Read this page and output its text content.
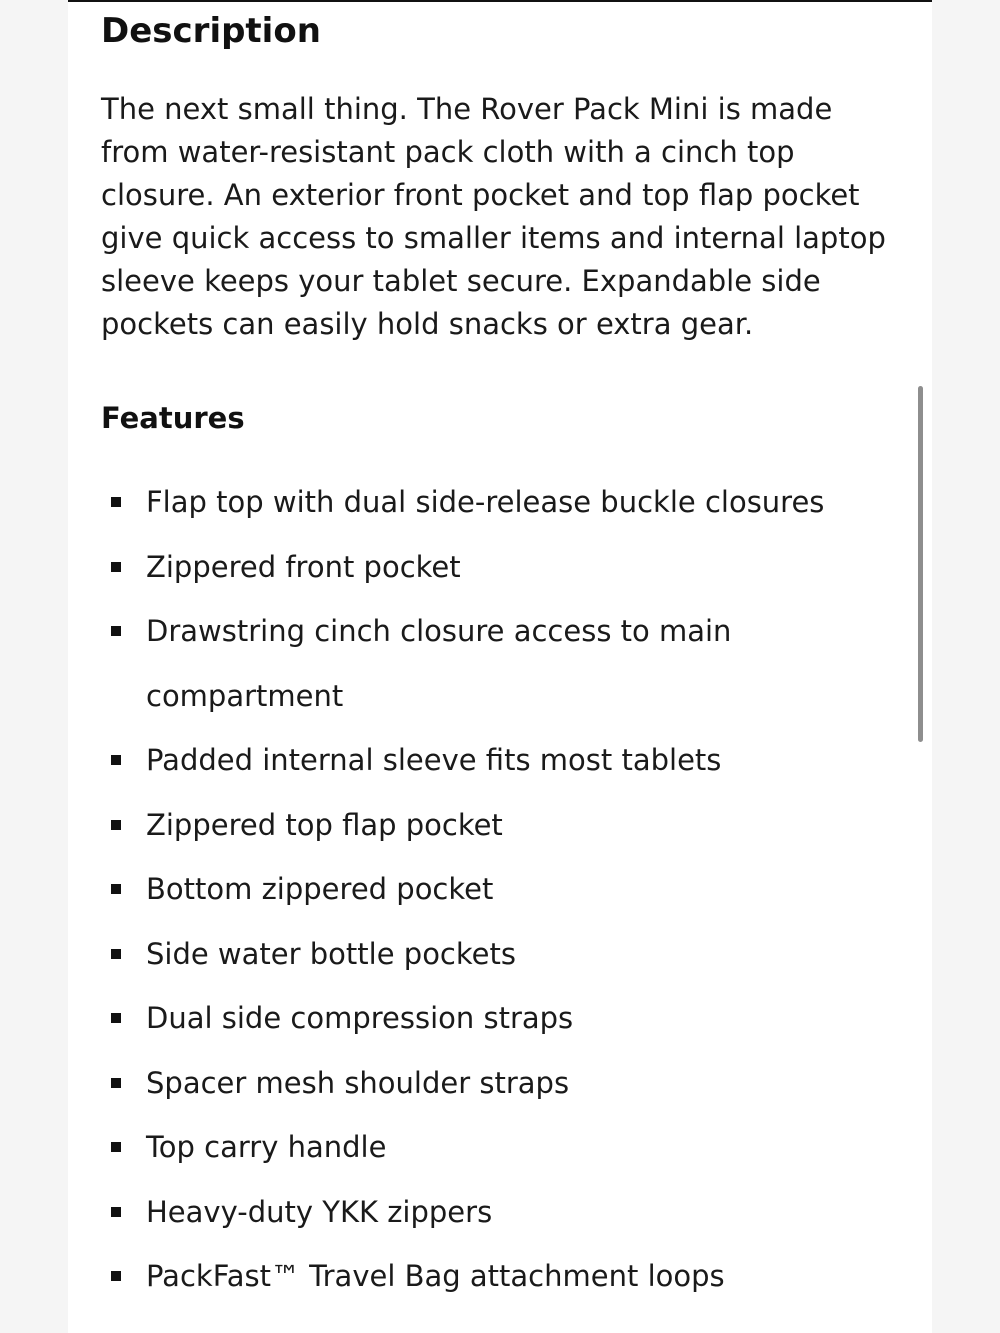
Description

The next small thing. The Rover Pack Mini is made from water-resistant pack cloth with a cinch top closure. An exterior front pocket and top flap pocket give quick access to smaller items and internal laptop sleeve keeps your tablet secure. Expandable side pockets can easily hold snacks or extra gear.

Features
Flap top with dual side-release buckle closures
Zippered front pocket
Drawstring cinch closure access to main compartment
Padded internal sleeve fits most tablets
Zippered top flap pocket
Bottom zippered pocket
Side water bottle pockets
Dual side compression straps
Spacer mesh shoulder straps
Top carry handle
Heavy-duty YKK zippers
PackFast™ Travel Bag attachment loops
